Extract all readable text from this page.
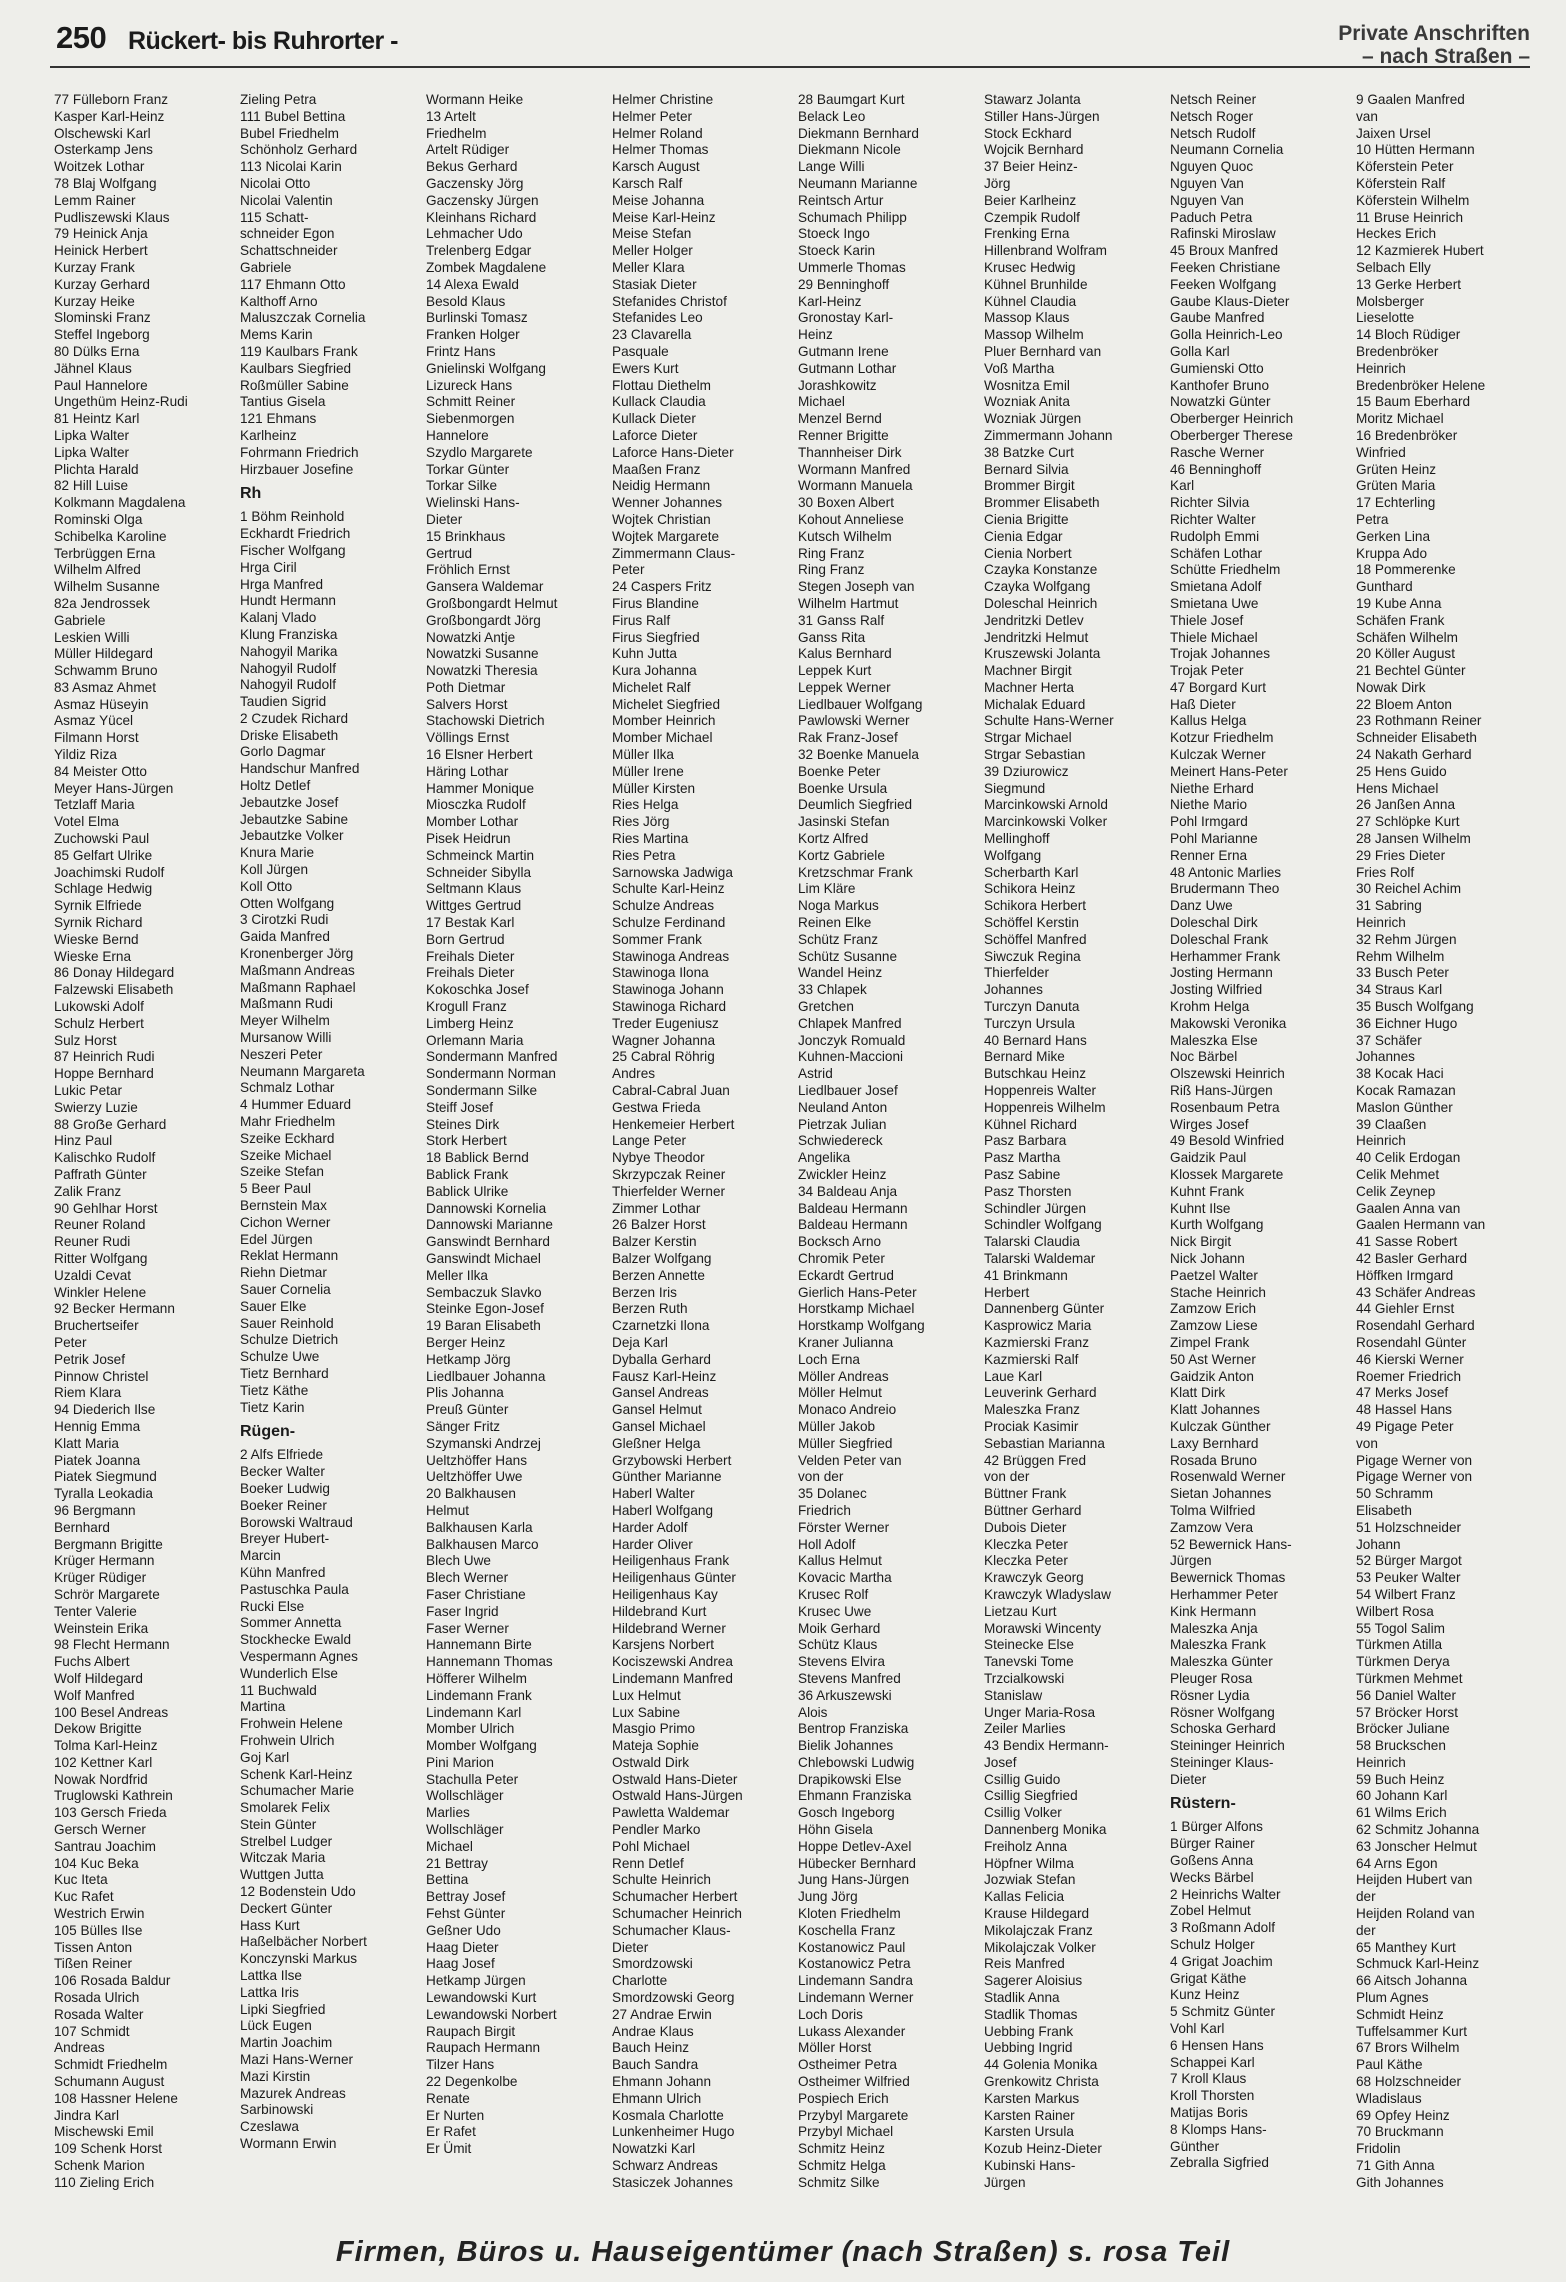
250 Rückert- bis Ruhrorter -	Private Anschriften
– nach Straßen –
77 Fülleborn Franz
Kasper Karl-Heinz
Olschewski Karl
Osterkamp Jens
Woitzek Lothar
78 Blaj Wolfgang
Lemm Rainer
Pudliszewski Klaus
79 Heinick Anja
Heinick Herbert
Kurzay Frank
Kurzay Gerhard
Kurzay Heike
Slominski Franz
Steffel Ingeborg
80 Dülks Erna
Jähnel Klaus
Paul Hannelore
Ungethüm Heinz-Rudi
81 Heintz Karl
Lipka Walter
Lipka Walter
Plichta Harald
82 Hill Luise
Kolkmann Magdalena
Rominski Olga
Schibelka Karoline
Terbrüggen Erna
Wilhelm Alfred
Wilhelm Susanne
82a Jendrossek
Gabriele
Leskien Willi
Müller Hildegard
Schwamm Bruno
83 Asmaz Ahmet
Asmaz Hüseyin
Asmaz Yücel
Filmann Horst
Yildiz Riza
84 Meister Otto
Meyer Hans-Jürgen
Tetzlaff Maria
Votel Elma
Zuchowski Paul
85 Gelfart Ulrike
Joachimski Rudolf
Schlage Hedwig
Syrnik Elfriede
Syrnik Richard
Wieske Bernd
Wieske Erna
86 Donay Hildegard
Falzewski Elisabeth
Lukowski Adolf
Schulz Herbert
Sulz Horst
87 Heinrich Rudi
Hoppe Bernhard
Lukic Petar
Swierzy Luzie
88 Groẞe Gerhard
Hinz Paul
Kalischko Rudolf
Paffrath Günter
Zalik Franz
90 Gehlhar Horst
Reuner Roland
Reuner Rudi
Ritter Wolfgang
Uzaldi Cevat
Winkler Helene
92 Becker Hermann
Bruchertseifer
Peter
Petrik Josef
Pinnow Christel
Riem Klara
94 Diederich Ilse
Hennig Emma
Klatt Maria
Piatek Joanna
Piatek Siegmund
Tyralla Leokadia
96 Bergmann
Bernhard
Bergmann Brigitte
Krüger Hermann
Krüger Rüdiger
Schrör Margarete
Tenter Valerie
Weinstein Erika
98 Flecht Hermann
Fuchs Albert
Wolf Hildegard
Wolf Manfred
100 Besel Andreas
Dekow Brigitte
Tolma Karl-Heinz
102 Kettner Karl
Nowak Nordfrid
Truglowski Kathrein
103 Gersch Frieda
Gersch Werner
Santrau Joachim
104 Kuc Beka
Kuc Iteta
Kuc Rafet
Westrich Erwin
105 Bülles Ilse
Tissen Anton
Tißen Reiner
106 Rosada Baldur
Rosada Ulrich
Rosada Walter
107 Schmidt
Andreas
Schmidt Friedhelm
Schumann August
108 Hassner Helene
Jindra Karl
Mischewski Emil
109 Schenk Horst
Schenk Marion
110 Zieling Erich
Zieling Petra
111 Bubel Bettina
Bubel Friedhelm
Schönholz Gerhard
113 Nicolai Karin
Nicolai Otto
Nicolai Valentin
115 Schatt-
schneider Egon
Schattschneider
Gabriele
117 Ehmann Otto
Kalthoff Arno
Maluszczak Cornelia
Mems Karin
119 Kaulbars Frank
Kaulbars Siegfried
Roßmüller Sabine
Tantius Gisela
121 Ehmans
Karlheinz
Fohrmann Friedrich
Hirzbauer Josefine
Rh
1 Böhm Reinhold
Eckhardt Friedrich
Fischer Wolfgang
Hrga Ciril
Hrga Manfred
Hundt Hermann
Kalanj Vlado
Klung Franziska
Nahogyil Marika
Nahogyil Rudolf
Nahogyil Rudolf
Taudien Sigrid
2 Czudek Richard
Driske Elisabeth
Gorlo Dagmar
Handschur Manfred
Holtz Detlef
Jebautzke Josef
Jebautzke Sabine
Jebautzke Volker
Knura Marie
Koll Jürgen
Koll Otto
Otten Wolfgang
3 Cirotzki Rudi
Gaida Manfred
Kronenberger Jörg
Maßmann Andreas
Maßmann Raphael
Maßmann Rudi
Meyer Wilhelm
Mursanow Willi
Neszeri Peter
Neumann Margareta
Schmalz Lothar
4 Hummer Eduard
Mahr Friedhelm
Szeike Eckhard
Szeike Michael
Szeike Stefan
5 Beer Paul
Bernstein Max
Cichon Werner
Edel Jürgen
Reklat Hermann
Riehn Dietmar
Sauer Cornelia
Sauer Elke
Sauer Reinhold
Schulze Dietrich
Schulze Uwe
Tietz Bernhard
Tietz Käthe
Tietz Karin
Rügen-
2 Alfs Elfriede
Becker Walter
Boeker Ludwig
Boeker Reiner
Borowski Waltraud
Breyer Hubert-
Marcin
Kühn Manfred
Pastuschka Paula
Rucki Else
Sommer Annetta
Stockhecke Ewald
Vespermann Agnes
Wunderlich Else
11 Buchwald
Martina
Frohwein Helene
Frohwein Ulrich
Goj Karl
Schenk Karl-Heinz
Schumacher Marie
Smolarek Felix
Stein Günter
Strelbel Ludger
Witczak Maria
Wuttgen Jutta
12 Bodenstein Udo
Deckert Günter
Hass Kurt
Haßelbächer Norbert
Konczynski Markus
Lattka Ilse
Lattka Iris
Lipki Siegfried
Lück Eugen
Martin Joachim
Mazi Hans-Werner
Mazi Kirstin
Mazurek Andreas
Sarbinowski
Czeslawa
Wormann Erwin
Wormann Heike
13 Artelt
Friedhelm
Artelt Rüdiger
Bekus Gerhard
Gaczensky Jörg
Gaczensky Jürgen
Kleinhans Richard
Lehmacher Udo
Trelenberg Edgar
Zombek Magdalene
14 Alexa Ewald
Besold Klaus
Burlinski Tomasz
Franken Holger
Frintz Hans
Gnielinski Wolfgang
Lizureck Hans
Schmitt Reiner
Siebenmorgen
Hannelore
Szydlo Margarete
Torkar Günter
Torkar Silke
Wielinski Hans-
Dieter
15 Brinkhaus
Gertrud
Fröhlich Ernst
Gansera Waldemar
Großbongardt Helmut
Großbongardt Jörg
Nowatzki Antje
Nowatzki Susanne
Nowatzki Theresia
Poth Dietmar
Salvers Horst
Stachowski Dietrich
Völlings Ernst
16 Elsner Herbert
Häring Lothar
Hammer Monique
Miosczka Rudolf
Momber Lothar
Pisek Heidrun
Schmeinck Martin
Schneider Sibylla
Seltmann Klaus
Wittges Gertrud
17 Bestak Karl
Born Gertrud
Freihals Dieter
Freihals Dieter
Kokoschka Josef
Krogull Franz
Limberg Heinz
Orlemann Maria
Sondermann Manfred
Sondermann Norman
Sondermann Silke
Steiff Josef
Steines Dirk
Stork Herbert
18 Bablick Bernd
Bablick Frank
Bablick Ulrike
Dannowski Kornelia
Dannowski Marianne
Ganswindt Bernhard
Ganswindt Michael
Meller Ilka
Sembaczuk Slavko
Steinke Egon-Josef
19 Baran Elisabeth
Berger Heinz
Hetkamp Jörg
Liedlbauer Johanna
Plis Johanna
Preuß Günter
Sänger Fritz
Szymanski Andrzej
Ueltzhöffer Hans
Ueltzhöffer Uwe
20 Balkhausen
Helmut
Balkhausen Karla
Balkhausen Marco
Blech Uwe
Blech Werner
Faser Christiane
Faser Ingrid
Faser Werner
Hannemann Birte
Hannemann Thomas
Höfferer Wilhelm
Lindemann Frank
Lindemann Karl
Momber Ulrich
Momber Wolfgang
Pini Marion
Stachulla Peter
Wollschläger
Marlies
Wollschläger
Michael
21 Bettray
Bettina
Bettray Josef
Fehst Günter
Geßner Udo
Haag Dieter
Haag Josef
Hetkamp Jürgen
Lewandowski Kurt
Lewandowski Norbert
Raupach Birgit
Raupach Hermann
Tilzer Hans
22 Degenkolbe
Renate
Er Nurten
Er Rafet
Er Ümit
Helmer Christine
Helmer Peter
Helmer Roland
Helmer Thomas
Karsch August
Karsch Ralf
Meise Johanna
Meise Karl-Heinz
Meise Stefan
Meller Holger
Meller Klara
Stasiak Dieter
Stefanides Christof
Stefanides Leo
23 Clavarella
Pasquale
Ewers Kurt
Flottau Diethelm
Kullack Claudia
Kullack Dieter
Laforce Dieter
Laforce Hans-Dieter
Maaßen Franz
Neidig Hermann
Wenner Johannes
Wojtek Christian
Wojtek Margarete
Zimmermann Claus-
Peter
24 Caspers Fritz
Firus Blandine
Firus Ralf
Firus Siegfried
Kuhn Jutta
Kura Johanna
Michelet Ralf
Michelet Siegfried
Momber Heinrich
Momber Michael
Müller Ilka
Müller Irene
Müller Kirsten
Ries Helga
Ries Jörg
Ries Martina
Ries Petra
Sarnowska Jadwiga
Schulte Karl-Heinz
Schulze Andreas
Schulze Ferdinand
Sommer Frank
Stawinoga Andreas
Stawinoga Ilona
Stawinoga Johann
Stawinoga Richard
Treder Eugeniusz
Wagner Johanna
25 Cabral Röhrig
Andres
Cabral-Cabral Juan
Gestwa Frieda
Henkemeier Herbert
Lange Peter
Nybye Theodor
Skrzypczak Reiner
Thierfelder Werner
Zimmer Lothar
26 Balzer Horst
Balzer Kerstin
Balzer Wolfgang
Berzen Annette
Berzen Iris
Berzen Ruth
Czarnetzki Ilona
Deja Karl
Dyballa Gerhard
Fausz Karl-Heinz
Gansel Andreas
Gansel Helmut
Gansel Michael
Gleßner Helga
Grzybowski Herbert
Günther Marianne
Haberl Walter
Haberl Wolfgang
Harder Adolf
Harder Oliver
Heiligenhaus Frank
Heiligenhaus Günter
Heiligenhaus Kay
Hildebrand Kurt
Hildebrand Werner
Karsjens Norbert
Kociszewski Andrea
Lindemann Manfred
Lux Helmut
Lux Sabine
Masgio Primo
Mateja Sophie
Ostwald Dirk
Ostwald Hans-Dieter
Ostwald Hans-Jürgen
Pawletta Waldemar
Pendler Marko
Pohl Michael
Renn Detlef
Schulte Heinrich
Schumacher Herbert
Schumacher Heinrich
Schumacher Klaus-
Dieter
Smordzowski
Charlotte
Smordzowski Georg
27 Andrae Erwin
Andrae Klaus
Bauch Heinz
Bauch Sandra
Ehmann Johann
Ehmann Ulrich
Kosmala Charlotte
Lunkenheimer Hugo
Nowatzki Karl
Schwarz Andreas
Stasiczek Johannes
28 Baumgart Kurt
Belack Leo
Diekmann Bernhard
Diekmann Nicole
Lange Willi
Neumann Marianne
Reintsch Artur
Schumach Philipp
Stoeck Ingo
Stoeck Karin
Ummerle Thomas
29 Benninghoff
Karl-Heinz
Gronostay Karl-
Heinz
Gutmann Irene
Gutmann Lothar
Jorashkowitz
Michael
Menzel Bernd
Renner Brigitte
Thannheiser Dirk
Wormann Manfred
Wormann Manuela
30 Boxen Albert
Kohout Anneliese
Kutsch Wilhelm
Ring Franz
Ring Franz
Stegen Joseph van
Wilhelm Hartmut
31 Ganss Ralf
Ganss Rita
Kalus Bernhard
Leppek Kurt
Leppek Werner
Liedlbauer Wolfgang
Pawlowski Werner
Rak Franz-Josef
32 Boenke Manuela
Boenke Peter
Boenke Ursula
Deumlich Siegfried
Jasinski Stefan
Kortz Alfred
Kortz Gabriele
Kretzschmar Frank
Lim Kläre
Noga Markus
Reinen Elke
Schütz Franz
Schütz Susanne
Wandel Heinz
33 Chlapek
Gretchen
Chlapek Manfred
Jonczyk Romuald
Kuhnen-Maccioni
Astrid
Liedlbauer Josef
Neuland Anton
Pietrzak Julian
Schwiedereck
Angelika
Zwickler Heinz
34 Baldeau Anja
Baldeau Hermann
Baldeau Hermann
Bocksch Arno
Chromik Peter
Eckardt Gertrud
Gierlich Hans-Peter
Horstkamp Michael
Horstkamp Wolfgang
Kraner Julianna
Loch Erna
Möller Andreas
Möller Helmut
Monaco Andreio
Müller Jakob
Müller Siegfried
Velden Peter van
von der
35 Dolanec
Friedrich
Förster Werner
Holl Adolf
Kallus Helmut
Kovacic Martha
Krusec Rolf
Krusec Uwe
Moik Gerhard
Schütz Klaus
Stevens Elvira
Stevens Manfred
36 Arkuszewski
Alois
Bentrop Franziska
Bielik Johannes
Chlebowski Ludwig
Drapikowski Else
Ehmann Franziska
Gosch Ingeborg
Höhn Gisela
Hoppe Detlev-Axel
Hübecker Bernhard
Jung Hans-Jürgen
Jung Jörg
Kloten Friedhelm
Koschella Franz
Kostanowicz Paul
Kostanowicz Petra
Lindemann Sandra
Lindemann Werner
Loch Doris
Lukass Alexander
Möller Horst
Ostheimer Petra
Ostheimer Wilfried
Pospiech Erich
Przybyl Margarete
Przybyl Michael
Schmitz Heinz
Schmitz Helga
Schmitz Silke
Stawarz Jolanta
Stiller Hans-Jürgen
Stock Eckhard
Wojcik Bernhard
37 Beier Heinz-
Jörg
Beier Karlheinz
Czempik Rudolf
Frenking Erna
Hillenbrand Wolfram
Krusec Hedwig
Kühnel Brunhilde
Kühnel Claudia
Massop Klaus
Massop Wilhelm
Pluer Bernhard van
Voß Martha
Wosnitza Emil
Wozniak Anita
Wozniak Jürgen
Zimmermann Johann
38 Batzke Curt
Bernard Silvia
Brommer Birgit
Brommer Elisabeth
Cienia Brigitte
Cienia Edgar
Cienia Norbert
Czayka Konstanze
Czayka Wolfgang
Doleschal Heinrich
Jendritzki Detlev
Jendritzki Helmut
Kruszewski Jolanta
Machner Birgit
Machner Herta
Michalak Eduard
Schulte Hans-Werner
Strgar Michael
Strgar Sebastian
39 Dziurowicz
Siegmund
Marcinkowski Arnold
Marcinkowski Volker
Mellinghoff
Wolfgang
Scherbarth Karl
Schikora Heinz
Schikora Herbert
Schöffel Kerstin
Schöffel Manfred
Siwczuk Regina
Thierfelder
Johannes
Turczyn Danuta
Turczyn Ursula
40 Bernard Hans
Bernard Mike
Butschkau Heinz
Hoppenreis Walter
Hoppenreis Wilhelm
Kühnel Richard
Pasz Barbara
Pasz Martha
Pasz Sabine
Pasz Thorsten
Schindler Jürgen
Schindler Wolfgang
Talarski Claudia
Talarski Waldemar
41 Brinkmann
Herbert
Dannenberg Günter
Kasprowicz Maria
Kazmierski Franz
Kazmierski Ralf
Laue Karl
Leuverink Gerhard
Maleszka Franz
Prociak Kasimir
Sebastian Marianna
42 Brüggen Fred
von der
Büttner Frank
Büttner Gerhard
Dubois Dieter
Kleczka Peter
Kleczka Peter
Krawczyk Georg
Krawczyk Wladyslaw
Lietzau Kurt
Morawski Wincenty
Steinecke Else
Tanevski Tome
Trzcialkowski
Stanislaw
Unger Maria-Rosa
Zeiler Marlies
43 Bendix Hermann-
Josef
Csillig Guido
Csillig Siegfried
Csillig Volker
Dannenberg Monika
Freiholz Anna
Höpfner Wilma
Jozwiak Stefan
Kallas Felicia
Krause Hildegard
Mikolajczak Franz
Mikolajczak Volker
Reis Manfred
Sagerer Aloisius
Stadlik Anna
Stadlik Thomas
Uebbing Frank
Uebbing Ingrid
44 Golenia Monika
Grenkowitz Christa
Karsten Markus
Karsten Rainer
Karsten Ursula
Kozub Heinz-Dieter
Kubinski Hans-
Jürgen
Netsch Reiner
Netsch Roger
Netsch Rudolf
Neumann Cornelia
Nguyen Quoc
Nguyen Van
Nguyen Van
Paduch Petra
Rafinski Miroslaw
45 Broux Manfred
Feeken Christiane
Feeken Wolfgang
Gaube Klaus-Dieter
Gaube Manfred
Golla Heinrich-Leo
Golla Karl
Gumienski Otto
Kanthofer Bruno
Nowatzki Günter
Oberberger Heinrich
Oberberger Therese
Rasche Werner
46 Benninghoff
Karl
Richter Silvia
Richter Walter
Rudolph Emmi
Schäfen Lothar
Schütte Friedhelm
Smietana Adolf
Smietana Uwe
Thiele Josef
Thiele Michael
Trojak Johannes
Trojak Peter
47 Borgard Kurt
Haß Dieter
Kallus Helga
Kotzur Friedhelm
Kulczak Werner
Meinert Hans-Peter
Niethe Erhard
Niethe Mario
Pohl Irmgard
Pohl Marianne
Renner Erna
48 Antonic Marlies
Brudermann Theo
Danz Uwe
Doleschal Dirk
Doleschal Frank
Herhammer Frank
Josting Hermann
Josting Wilfried
Krohm Helga
Makowski Veronika
Maleszka Else
Noc Bärbel
Olszewski Heinrich
Riß Hans-Jürgen
Rosenbaum Petra
Wirges Josef
49 Besold Winfried
Gaidzik Paul
Klossek Margarete
Kuhnt Frank
Kuhnt Ilse
Kurth Wolfgang
Nick Birgit
Nick Johann
Paetzel Walter
Stache Heinrich
Zamzow Erich
Zamzow Liese
Zimpel Frank
50 Ast Werner
Gaidzik Anton
Klatt Dirk
Klatt Johannes
Kulczak Günther
Laxy Bernhard
Rosada Bruno
Rosenwald Werner
Sietan Johannes
Tolma Wilfried
Zamzow Vera
52 Bewernick Hans-
Jürgen
Bewernick Thomas
Herhammer Peter
Kink Hermann
Maleszka Anja
Maleszka Frank
Maleszka Günter
Pleuger Rosa
Rösner Lydia
Rösner Wolfgang
Schoska Gerhard
Steininger Heinrich
Steininger Klaus-
Dieter
Rüstern-
1 Bürger Alfons
Bürger Rainer
Goßens Anna
Wecks Bärbel
2 Heinrichs Walter
Zobel Helmut
3 Roßmann Adolf
Schulz Holger
4 Grigat Joachim
Grigat Käthe
Kunz Heinz
5 Schmitz Günter
Vohl Karl
6 Hensen Hans
Schappei Karl
7 Kroll Klaus
Kroll Thorsten
Matijas Boris
8 Klomps Hans-
Günther
Zebralla Sigfried
9 Gaalen Manfred
van
Jaixen Ursel
10 Hütten Hermann
Köferstein Peter
Köferstein Ralf
Köferstein Wilhelm
11 Bruse Heinrich
Heckes Erich
12 Kazmierek Hubert
Selbach Elly
13 Gerke Herbert
Molsberger
Lieselotte
14 Bloch Rüdiger
Bredenbröker
Heinrich
Bredenbröker Helene
15 Baum Eberhard
Moritz Michael
16 Bredenbröker
Winfried
Grüten Heinz
Grüten Maria
17 Echterling
Petra
Gerken Lina
Kruppa Ado
18 Pommerenke
Gunthard
19 Kube Anna
Schäfen Frank
Schäfen Wilhelm
20 Köller August
21 Bechtel Günter
Nowak Dirk
22 Bloem Anton
23 Rothmann Reiner
Schneider Elisabeth
24 Nakath Gerhard
25 Hens Guido
Hens Michael
26 Janßen Anna
27 Schlöpke Kurt
28 Jansen Wilhelm
29 Fries Dieter
Fries Rolf
30 Reichel Achim
31 Sabring
Heinrich
32 Rehm Jürgen
Rehm Wilhelm
33 Busch Peter
34 Straus Karl
35 Busch Wolfgang
36 Eichner Hugo
37 Schäfer
Johannes
38 Kocak Haci
Kocak Ramazan
Maslon Günther
39 Claaßen
Heinrich
40 Celik Erdogan
Celik Mehmet
Celik Zeynep
Gaalen Anna van
Gaalen Hermann van
41 Sasse Robert
42 Basler Gerhard
Höffken Irmgard
43 Schäfer Andreas
44 Giehler Ernst
Rosendahl Gerhard
Rosendahl Günter
46 Kierski Werner
Roemer Friedrich
47 Merks Josef
48 Hassel Hans
49 Pigage Peter
von
Pigage Werner von
Pigage Werner von
50 Schramm
Elisabeth
51 Holzschneider
Johann
52 Bürger Margot
53 Peuker Walter
54 Wilbert Franz
Wilbert Rosa
55 Togol Salim
Türkmen Atilla
Türkmen Derya
Türkmen Mehmet
56 Daniel Walter
57 Bröcker Horst
Bröcker Juliane
58 Bruckschen
Heinrich
59 Buch Heinz
60 Johann Karl
61 Wilms Erich
62 Schmitz Johanna
63 Jonscher Helmut
64 Arns Egon
Heijden Hubert van
der
Heijden Roland van
der
65 Manthey Kurt
Schmuck Karl-Heinz
66 Aitsch Johanna
Plum Agnes
Schmidt Heinz
Tuffelsammer Kurt
67 Brors Wilhelm
Paul Käthe
68 Holzschneider
Wladislaus
69 Opfey Heinz
70 Bruckmann
Fridolin
71 Gith Anna
Gith Johannes
Firmen, Büros u. Hauseigentümer (nach Straßen) s. rosa Teil
